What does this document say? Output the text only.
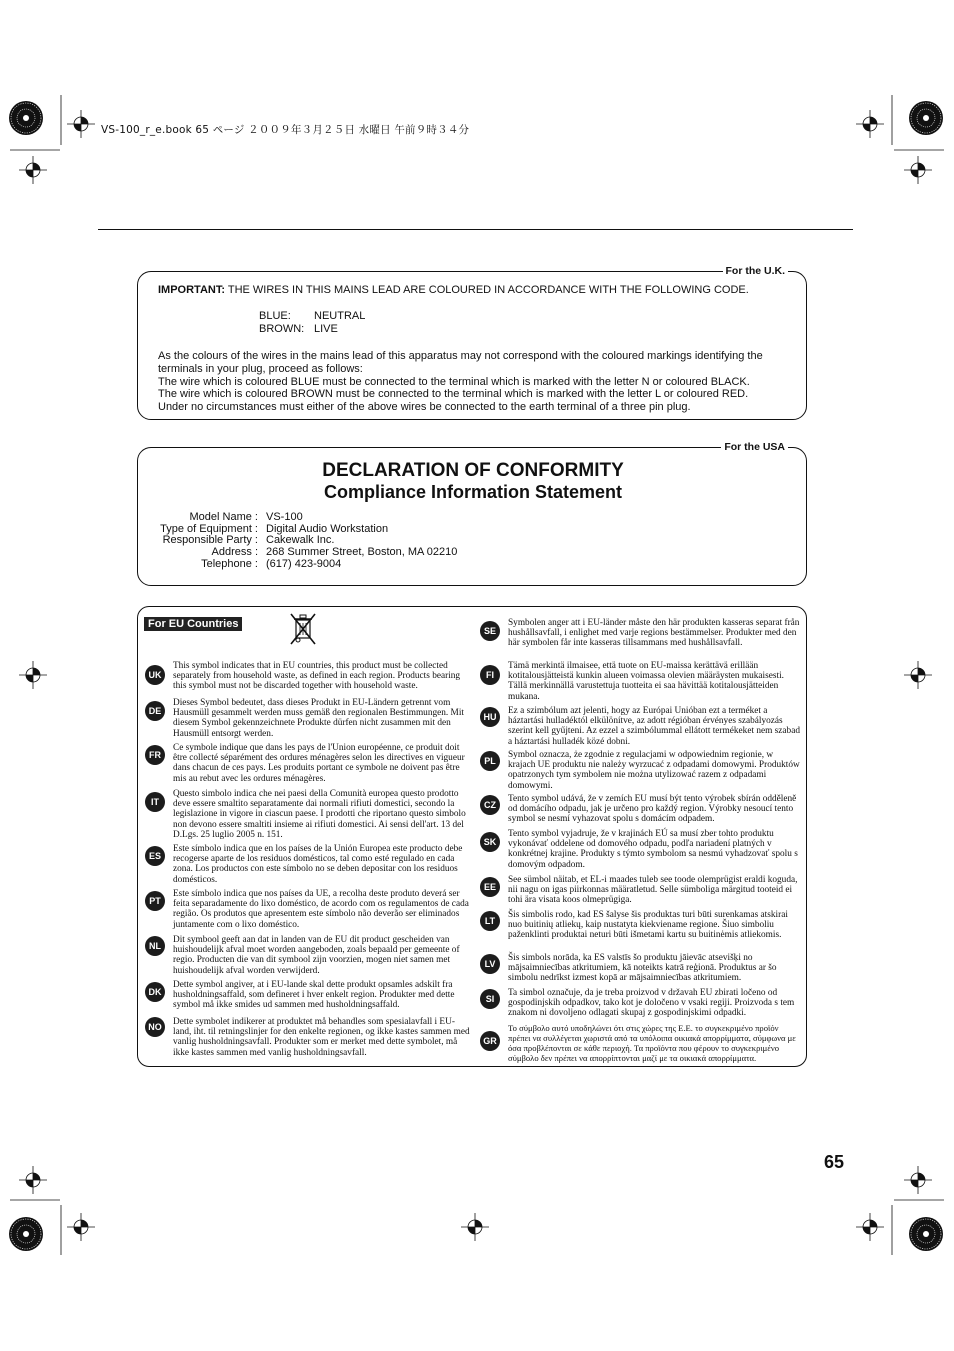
VS-100_r_e.book 65 ページ ２００９年３月２５日 水曜日 午前９時３４分
For the U.K.
IMPORTANT: THE WIRES IN THIS MAINS LEAD ARE COLOURED IN ACCORDANCE WITH THE FOLLOWING CODE.
BLUE: NEUTRAL
BROWN: LIVE
As the colours of the wires in the mains lead of this apparatus may not correspond with the coloured markings identifying the terminals in your plug, proceed as follows:
The wire which is coloured BLUE must be connected to the terminal which is marked with the letter N or coloured BLACK.
The wire which is coloured BROWN must be connected to the terminal which is marked with the letter L or coloured RED.
Under no circumstances must either of the above wires be connected to the earth terminal of a three pin plug.
For the USA
DECLARATION OF CONFORMITY
Compliance Information Statement
Model Name :	VS-100
Type of Equipment :	Digital Audio Workstation
Responsible Party :	Cakewalk Inc.
Address :	268 Summer Street, Boston, MA 02210
Telephone :	(617) 423-9004
For EU Countries
UK
This symbol indicates that in EU countries, this product must be collected separately from household waste, as defined in each region. Products bearing this symbol must not be discarded together with household waste.
DE
Dieses Symbol bedeutet, dass dieses Produkt in EU-Ländern getrennt vom Hausmüll gesammelt werden muss gemäß den regionalen Bestimmungen. Mit diesem Symbol gekennzeichnete Produkte dürfen nicht zusammen mit den Hausmüll entsorgt werden.
FR
Ce symbole indique que dans les pays de l'Union européenne, ce produit doit être collecté séparément des ordures ménagères selon les directives en vigueur dans chacun de ces pays. Les produits portant ce symbole ne doivent pas être mis au rebut avec les ordures ménagères.
IT
Questo simbolo indica che nei paesi della Comunità europea questo prodotto deve essere smaltito separatamente dai normali rifiuti domestici, secondo la legislazione in vigore in ciascun paese. I prodotti che riportano questo simbolo non devono essere smaltiti insieme ai rifiuti domestici. Ai sensi dell'art. 13 del D.Lgs. 25 luglio 2005 n. 151.
ES
Este símbolo indica que en los países de la Unión Europea este producto debe recogerse aparte de los residuos domésticos, tal como esté regulado en cada zona. Los productos con este símbolo no se deben depositar con los residuos domésticos.
PT
Este símbolo indica que nos países da UE, a recolha deste produto deverá ser feita separadamente do lixo doméstico, de acordo com os regulamentos de cada região. Os produtos que apresentem este símbolo não deverão ser eliminados juntamente com o lixo doméstico.
NL
Dit symbool geeft aan dat in landen van de EU dit product gescheiden van huishoudelijk afval moet worden aangeboden, zoals bepaald per gemeente of regio. Producten die van dit symbool zijn voorzien, mogen niet samen met huishoudelijk afval worden verwijderd.
DK
Dette symbol angiver, at i EU-lande skal dette produkt opsamles adskilt fra husholdningsaffald, som defineret i hver enkelt region. Produkter med dette symbol må ikke smides ud sammen med husholdningsaffald.
NO	Dette symbolet indikerer at produktet må behandles som spesialavfall i EU-land, iht. til retningslinjer for den enkelte regionen, og ikke kastes sammen med vanlig husholdningsavfall. Produkter som er merket med dette symbolet, må ikke kastes sammen med vanlig husholdningsavfall.
SE
Symbolen anger att i EU-länder måste den här produkten kasseras separat från hushållsavfall, i enlighet med varje regions bestämmelser. Produkter med den här symbolen får inte kasseras tillsammans med hushållsavfall.
FI
Tämä merkintä ilmaisee, että tuote on EU-maissa kerättävä erillään kotitalousjätteistä kunkin alueen voimassa olevien määräysten mukaisesti. Tällä merkinnällä varustettuja tuotteita ei saa hävittää kotitalousjätteiden mukana.
HU
Ez a szimbólum azt jelenti, hogy az Európai Unióban ezt a terméket a háztartási hulladéktól elkülönítve, az adott régióban érvényes szabályozás szerint kell gyűjteni. Az ezzel a szimbólummal ellátott termékeket nem szabad a háztartási hulladék közé dobni.
PL
Symbol oznacza, że zgodnie z regulacjami w odpowiednim regionie, w krajach UE produktu nie należy wyrzucać z odpadami domowymi. Produktów opatrzonych tym symbolem nie można utylizować razem z odpadami domowymi.
CZ
Tento symbol udává, že v zemích EU musí být tento výrobek sbírán odděleně od domácího odpadu, jak je určeno pro každý region. Výrobky nesoucí tento symbol se nesmí vyhazovat spolu s domácím odpadem.
SK
Tento symbol vyjadruje, že v krajinách EÚ sa musí zber tohto produktu vykonávať oddelene od domového odpadu, podľa nariadení platných v konkrétnej krajine. Produkty s týmto symbolom sa nesmú vyhadzovať spolu s domovým odpadom.
EE
See sümbol näitab, et EL-i maades tuleb see toode olemprügist eraldi koguda, nii nagu on igas piirkonnas määratletud. Selle sümboliga märgitud tooteid ei tohi ära visata koos olmeprügiga.
LT
Šis simbolis rodo, kad ES šalyse šis produktas turi būti surenkamas atskirai nuo buitinių atliekų, kaip nustatyta kiekviename regione. Šiuo simboliu paženklinti produktai neturi būti išmetami kartu su buitinėmis atliekomis.
LV
Šis simbols norāda, ka ES valstīs šo produktu jāievāc atsevišķi no mājsaimniecības atkritumiem, kā noteikts katrā reģionā. Produktus ar šo simbolu nedrīkst izmest kopā ar mājsaimniecības atkritumiem.
SI
Ta simbol označuje, da je treba proizvod v državah EU zbirati ločeno od gospodinjskih odpadkov, tako kot je določeno v vsaki regiji. Proizvoda s tem znakom ni dovoljeno odlagati skupaj z gospodinjskimi odpadki.
GR
Το σύμβολο αυτό υποδηλώνει ότι στις χώρες της Ε.Ε. το συγκεκριμένο προϊόν πρέπει να συλλέγεται χωριστά από τα υπόλοιπα οικιακά απορρίμματα, σύμφωνα με όσα προβλέπονται σε κάθε περιοχή. Τα προϊόντα που φέρουν το συγκεκριμένο σύμβολο δεν πρέπει να απορρίπτονται μαζί με τα οικιακά απορρίμματα.
65
